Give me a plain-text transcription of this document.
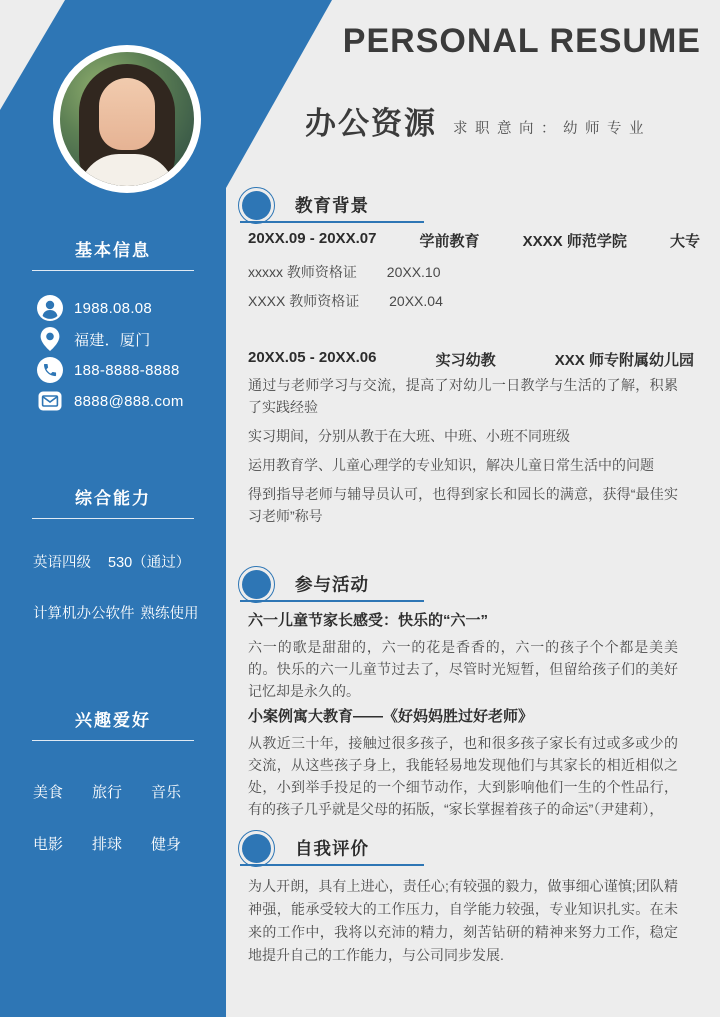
PERSONAL RESUME
办公资源 求职意向：幼师专业
基本信息
1988.08.08
福建．厦门
188-8888-8888
8888@888.com
综合能力
英语四级 530（通过）
计算机办公软件 熟练使用
兴趣爱好
美食 旅行 音乐
电影 排球 健身
教育背景
20XX.09 - 20XX.07	学前教育	XXXX 师范学院	大专
xxxxx 教师资格证 20XX.10
XXXX 教师资格证 20XX.04
20XX.05 - 20XX.06	实习幼教	XXX 师专附属幼儿园

通过与老师学习与交流，提高了对幼儿一日教学与生活的了解，积累了实践经验

实习期间，分别从教于在大班、中班、小班不同班级

运用教育学、儿童心理学的专业知识，解决儿童日常生活中的问题

得到指导老师与辅导员认可，也得到家长和园长的满意，获得“最佳实习老师”称号

参与活动
六一儿童节家长感受：快乐的“六一”
六一的歌是甜甜的，六一的花是香香的，六一的孩子个个都是美美的。快乐的六一儿童节过去了，尽管时光短暂，但留给孩子们的美好记忆却是永久的。
小案例寓大教育——《好妈妈胜过好老师》
从教近三十年，接触过很多孩子，也和很多孩子家长有过或多或少的交流，从这些孩子身上，我能轻易地发现他们与其家长的相近相似之处，小到举手投足的一个细节动作，大到影响他们一生的个性品行，有的孩子几乎就是父母的拓版，“家长掌握着孩子的命运”（尹建莉），
自我评价
为人开朗，具有上进心，责任心;有较强的毅力，做事细心谨慎;团队精神强，能承受较大的工作压力，自学能力较强，专业知识扎实。在未来的工作中，我将以充沛的精力，刻苦钻研的精神来努力工作，稳定地提升自己的工作能力，与公司同步发展.
